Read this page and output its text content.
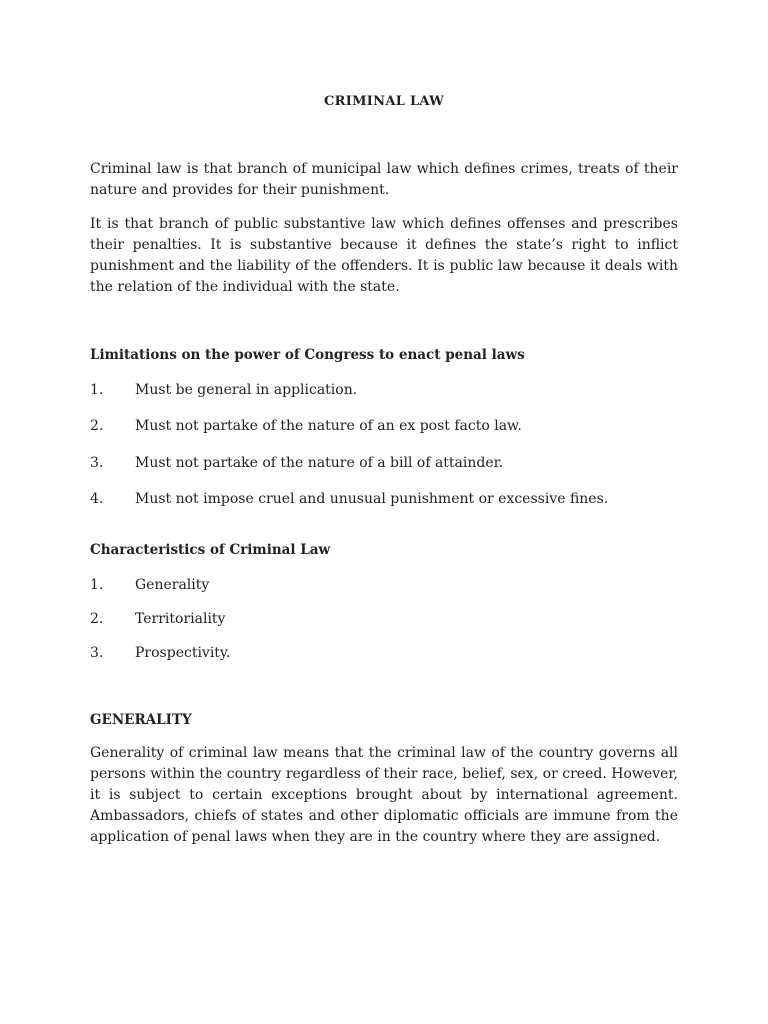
CRIMINAL LAW

Criminal law is that branch of municipal law which defines crimes, treats of their nature and provides for their punishment.

It is that branch of public substantive law which defines offenses and prescribes their penalties. It is substantive because it defines the state’s right to inflict punishment and the liability of the offenders. It is public law because it deals with the relation of the individual with the state.

Limitations on the power of Congress to enact penal laws
1. Must be general in application.
2. Must not partake of the nature of an ex post facto law.
3. Must not partake of the nature of a bill of attainder.
4. Must not impose cruel and unusual punishment or excessive fines.
Characteristics of Criminal Law
1. Generality
2. Territoriality
3. Prospectivity.
GENERALITY

Generality of criminal law means that the criminal law of the country governs all persons within the country regardless of their race, belief, sex, or creed. However, it is subject to certain exceptions brought about by international agreement. Ambassadors, chiefs of states and other diplomatic officials are immune from the application of penal laws when they are in the country where they are assigned.
